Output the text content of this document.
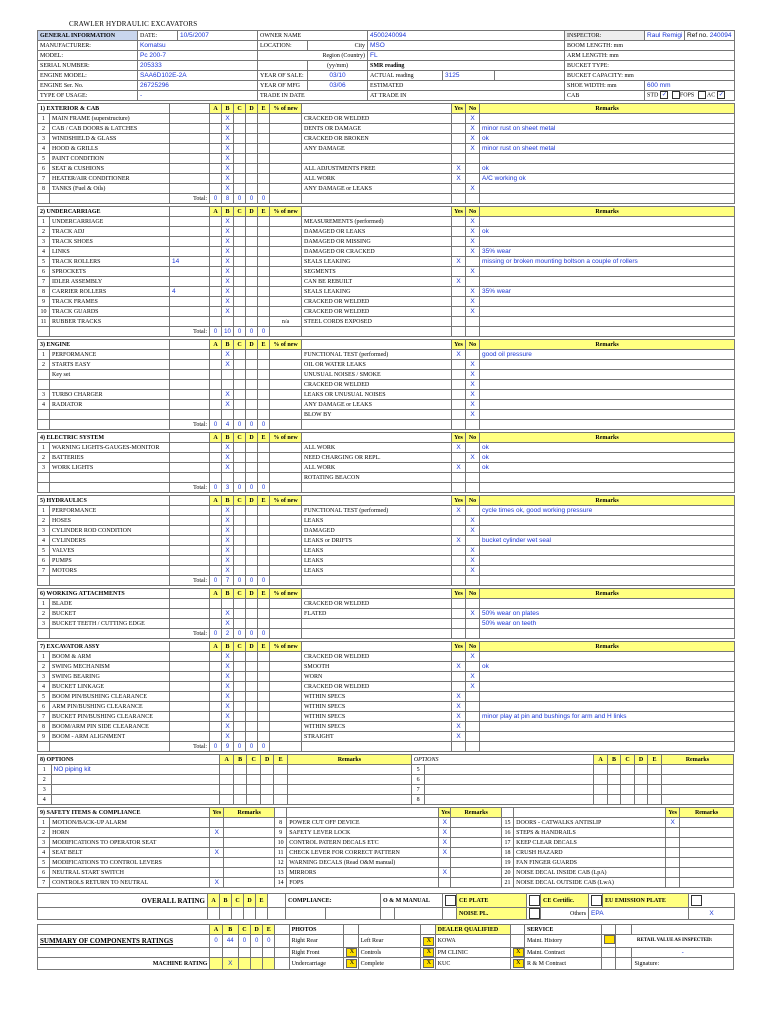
CRAWLER HYDRAULIC EXCAVATORS
GENERAL INFORMATION	DATE:	10/5/2007	OWNER NAME		4500240094			INSPECTOR:	Raul Remigi	Ref no. 240094
MANUFACTURER:	Komatsu		LOCATION:	City	MSO			BOOM LENGTH: mm		
MODEL:	Pc 200-7		Region (Country)		FL			ARM LENGTH: mm		
SERIAL NUMBER:	205333			(yy/mm)	SMR reading			BUCKET TYPE:		
ENGINE MODEL:	SAA6D102E-2A		YEAR OF SALE:	03/10	ACTUAL reading	3125		BUCKET CAPACITY: mm		
ENGINE Ser. No.	26725296		YEAR OF MFG	03/06	ESTIMATED			SHOE WIDTH: mm	600 mm	
TYPE OF USAGE:	-		TRADE IN DATE		AT TRADE IN			CAB	STD ✓ FOPS AC ✓	
1) EXTERIOR & CAB			A	B	C	D	E	% of new		Yes	No	Remarks
1	MAIN FRAME (superstructure)			X					CRACKED OR WELDED		X	
2	CAB / CAB DOORS & LATCHES			X					DENTS OR DAMAGE		X	minor rust on sheet metal
3	WINDSHIELD & GLASS			X					CRACKED OR BROKEN		X	ok
4	HOOD & GRILLS			X					ANY DAMAGE		X	minor rust on sheet metal
5	PAINT CONDITION			X								
6	SEAT & CUSHIONS			X					ALL ADJUSTMENTS FREE	X		ok
7	HEATER/AIR CONDITIONER			X					ALL WORK	X		A/C working ok
8	TANKS (Fuel & Oils)			X					ANY DAMAGE or LEAKS		X	
		Total:	0	8	0	0	0					
2) UNDERCARRIAGE			A	B	C	D	E	% of new		Yes	No	Remarks
1	UNDERCARRIAGE			X					MEASUREMENTS (performed)		X	
2	TRACK ADJ			X					DAMAGED OR LEAKS		X	ok
3	TRACK SHOES			X					DAMAGED OR MISSING		X	
4	LINKS			X					DAMAGED OR CRACKED		X	35% wear
5	TRACK ROLLERS	14		X					SEALS LEAKING	X		missing or broken mounting boltson a couple of rollers
6	SPROCKETS			X					SEGMENTS		X	
7	IDLER ASSEMBLY			X					CAN BE REBUILT	X		
8	CARRIER ROLLERS	4		X					SEALS LEAKING		X	35% wear
9	TRACK FRAMES			X					CRACKED OR WELDED		X	
10	TRACK GUARDS			X					CRACKED OR WELDED		X	
11	RUBBER TRACKS							n/a	STEEL CORDS EXPOSED			
		Total:	0	10	0	0	0					
3) ENGINE			A	B	C	D	E	% of new		Yes	No	Remarks
1	PERFORMANCE			X					FUNCTIONAL TEST (performed)	X		good oil pressure
2	STARTS EASY			X					OIL OR WATER LEAKS		X	
	Key set								UNUSUAL NOISES / SMOKE		X	
									CRACKED OR WELDED		X	
3	TURBO CHARGER			X					LEAKS OR UNUSUAL NOISES		X	
4	RADIATOR			X					ANY DAMAGE or LEAKS		X	
									BLOW BY		X	
		Total:	0	4	0	0	0					
4) ELECTRIC SYSTEM			A	B	C	D	E	% of new		Yes	No	Remarks
1	WARNING LIGHTS-GAUGES-MONITOR			X					ALL WORK	X		ok
2	BATTERIES			X					NEED CHARGING OR REPL.		X	ok
3	WORK LIGHTS			X					ALL WORK	X		ok
									ROTATING BEACON			
		Total:	0	3	0	0	0					
5) HYDRAULICS			A	B	C	D	E	% of new		Yes	No	Remarks
1	PERFORMANCE			X					FUNCTIONAL TEST (performed)	X		cycle times ok, good working pressure
2	HOSES			X					LEAKS		X	
3	CYLINDER ROD CONDITION			X					DAMAGED		X	
4	CYLINDERS			X					LEAKS or DRIFTS	X		bucket cylinder wet seal
5	VALVES			X					LEAKS		X	
6	PUMPS			X					LEAKS		X	
7	MOTORS			X					LEAKS		X	
		Total:	0	7	0	0	0					
6) WORKING ATTACHMENTS			A	B	C	D	E	% of new		Yes	No	Remarks
1	BLADE								CRACKED OR WELDED			
2	BUCKET			X					FLATED		X	50% wear on plates
3	BUCKET TEETH / CUTTING EDGE			X								50% wear on teeth
		Total:	0	2	0	0	0					
7) EXCAVATOR ASSY			A	B	C	D	E	% of new		Yes	No	Remarks
1	BOOM & ARM			X					CRACKED OR WELDED		X	
2	SWING MECHANISM			X					SMOOTH	X		ok
3	SWING BEARING			X					WORN		X	
4	BUCKET LINKAGE			X					CRACKED OR WELDED		X	
5	BOOM PIN/BUSHING CLEARANCE			X					WITHIN SPECS	X		
6	ARM PIN/BUSHING CLEARANCE			X					WITHIN SPECS	X		
7	BUCKET PIN/BUSHING CLEARANCE			X					WITHIN SPECS	X		minor play at pin and bushings for arm and H links
8	BOOM/ARM PIN SIDE CLEARANCE			X					WITHIN SPECS	X		
9	BOOM - ARM ALIGNMENT			X					STRAIGHT	X		
		Total:	0	9	0	0	0					
8) OPTIONS		A	B	C	D	E	Remarks	OPTIONS		A	B	C	D	E	Remarks
1	NO piping kit							5							
2								6							
3								7							
4								8							
9) SAFETY ITEMS & COMPLIANCE		Yes	Remarks			Yes	Remarks			Yes	Remarks
1	MOTION/BACK-UP ALARM			8	POWER CUT OFF DEVICE	X		15	DOORS - CATWALKS ANTISLIP	X	
2	HORN	X		9	SAFETY LEVER LOCK	X		16	STEPS & HANDRAILS		
3	MODIFICATIONS TO OPERATOR SEAT			10	CONTROL PATERN DECALS ETC	X		17	KEEP CLEAR DECALS		
4	SEAT BELT	X		11	CHECK LEVER FOR CORRECT PATTERN	X		18	CRUSH HAZARD		
5	MODIFICATIONS TO CONTROL LEVERS			12	WARNING DECALS (Read O&M manual)			19	FAN FINGER GUARDS		
6	NEUTRAL START SWITCH			13	MIRRORS	X		20	NOISE DECAL INSIDE CAB (LpA)		
7	CONTROLS RETURN TO NEUTRAL	X		14	FOPS			21	NOISE DECAL OUTSIDE CAB (LwA)		
OVERALL RATING	A	B	C	D	E		COMPLIANCE:		O & M MANUAL			CE PLATE		CE Certific.		EU EMISSION PLATE	
												NOISE PL.		Others	EPA		X
	A	B	C	D	E		PHOTOS				DEALER QUALIFIED		SERVICE			
SUMMARY OF COMPONENTS RATINGS	0	44	0	0	0		Right Rear		Left Rear	X	KOWA		Maint. History		RETAIL VALUE AS INSPECTED:	
							Right Front	X	Controls	X	PM CLINIC	X	Maint. Contract			-
MACHINE RATING		X					Undercarriage	X	Complete	X	KUC	X	R & M Contract			Signature:
